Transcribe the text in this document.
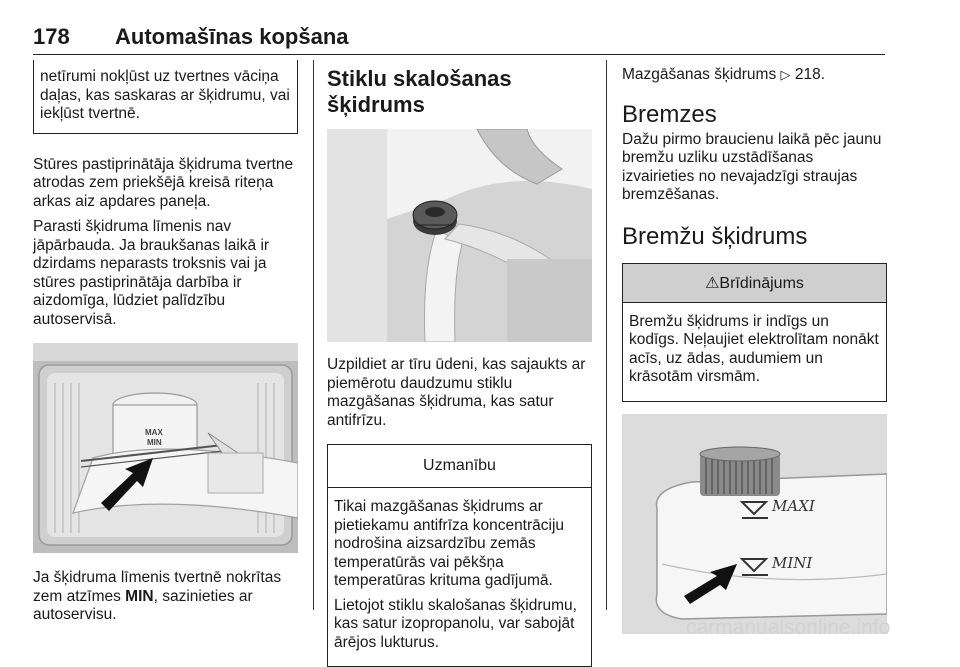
178 Automašīnas kopšana
netīrumi nokļūst uz tvertnes vāciņa daļas, kas saskaras ar šķidrumu, vai iekļūst tvertnē.

Stūres pastiprinātāja šķidruma tvertne atrodas zem priekšējā kreisā riteņa arkas aiz apdares paneļa.

Parasti šķidruma līmenis nav jāpārbauda. Ja braukšanas laikā ir dzirdams neparasts troksnis vai ja stūres pastiprinātāja darbība ir aizdomīga, lūdziet palīdzību autoservisā.

MAX
MIN

Ja šķidruma līmenis tvertnē nokrītas zem atzīmes MIN, sazinieties ar autoservisu.

Stiklu skalošanas šķidrums

Uzpildiet ar tīru ūdeni, kas sajaukts ar piemērotu daudzumu stiklu mazgāšanas šķidruma, kas satur antifrīzu.

Uzmanību

Tikai mazgāšanas šķidrums ar pietiekamu antifrīza koncentrāciju nodrošina aizsardzību zemās temperatūrās vai pēkšņa temperatūras krituma gadījumā.

Lietojot stiklu skalošanas šķidrumu, kas satur izopropanolu, var sabojāt ārējos lukturus.

Mazgāšanas šķidrums ▷ 218.

Bremzes

Dažu pirmo braucienu laikā pēc jaunu bremžu uzliku uzstādīšanas izvairieties no nevajadzīgi straujas bremzēšanas.

Bremžu šķidrums
⚠Brīdinājums

Bremžu šķidrums ir indīgs un kodīgs. Neļaujiet elektrolītam nonākt acīs, uz ādas, audumiem un krāsotām virsmām.

MAXI
MINI
carmanualsonline.info
